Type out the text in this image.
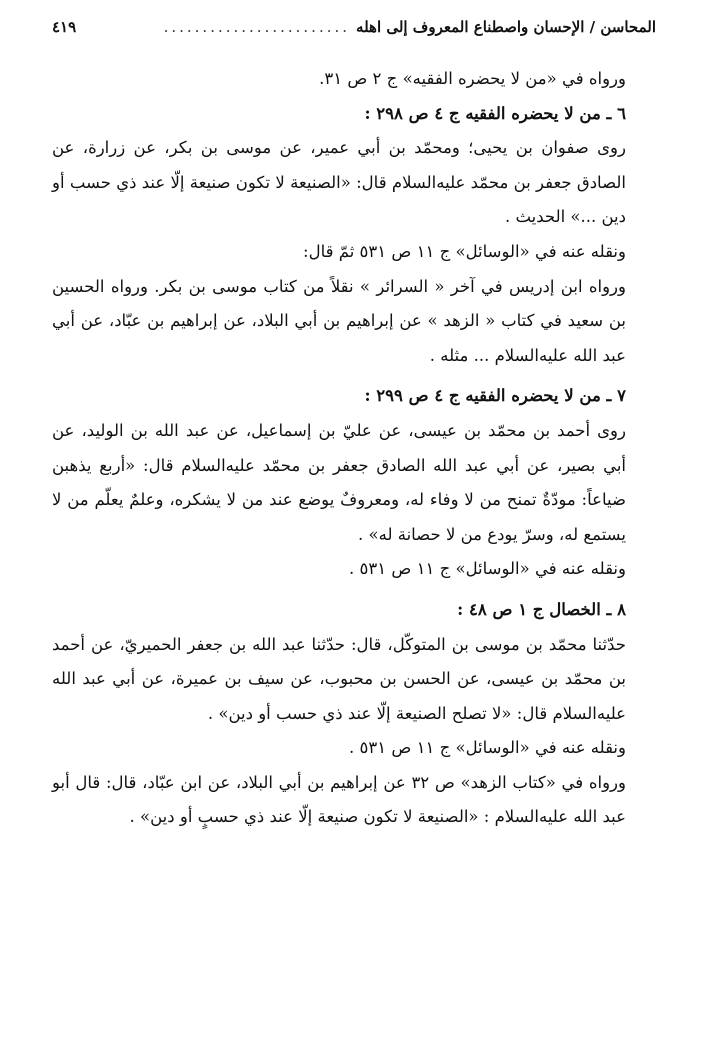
المحاسن / الإحسان واصطناع المعروف إلى اهله
........................
٤١٩

ورواه في «من لا يحضره الفقيه» ج ٢ ص ٣١.

٦ ـ من لا يحضره الفقيه ج ٤ ص ٢٩٨ :

روى صفوان بن يحيى؛ ومحمّد بن أبي عمير، عن موسى بن بكر، عن زرارة، عن الصادق جعفر بن محمّد عليه‌السلام قال: «الصنيعة لا تكون صنيعة إلّا عند ذي حسب أو دين ...» الحديث .

ونقله عنه في «الوسائل» ج ١١ ص ٥٣١ ثمّ قال:

ورواه ابن إدريس في آخر « السرائر » نقلاً من كتاب موسى بن بكر. ورواه الحسين بن سعيد في كتاب « الزهد » عن إبراهيم بن أبي البلاد، عن إبراهيم بن عبّاد، عن أبي عبد الله عليه‌السلام ... مثله .

٧ ـ من لا يحضره الفقيه ج ٤ ص ٢٩٩ :

روى أحمد بن محمّد بن عيسى، عن عليّ بن إسماعيل، عن عبد الله بن الوليد، عن أبي بصير، عن أبي عبد الله الصادق جعفر بن محمّد عليه‌السلام قال: «أربع يذهبن ضياعاً: مودّةٌ تمنح من لا وفاء له، ومعروفٌ يوضع عند من لا يشكره، وعلمٌ يعلّم من لا يستمع له، وسرّ يودع من لا حصانة له» .

ونقله عنه في «الوسائل» ج ١١ ص ٥٣١ .

٨ ـ الخصال ج ١ ص ٤٨ :

حدّثنا محمّد بن موسى بن المتوكّل، قال: حدّثنا عبد الله بن جعفر الحميريّ، عن أحمد بن محمّد بن عيسى، عن الحسن بن محبوب، عن سيف بن عميرة، عن أبي عبد الله عليه‌السلام قال: «لا تصلح الصنيعة إلّا عند ذي حسب أو دين» .

ونقله عنه في «الوسائل» ج ١١ ص ٥٣١ .

ورواه في «كتاب الزهد» ص ٣٢ عن إبراهيم بن أبي البلاد، عن ابن عبّاد، قال: قال أبو عبد الله عليه‌السلام : «الصنيعة لا تكون صنيعة إلّا عند ذي حسبٍ أو دين» .
